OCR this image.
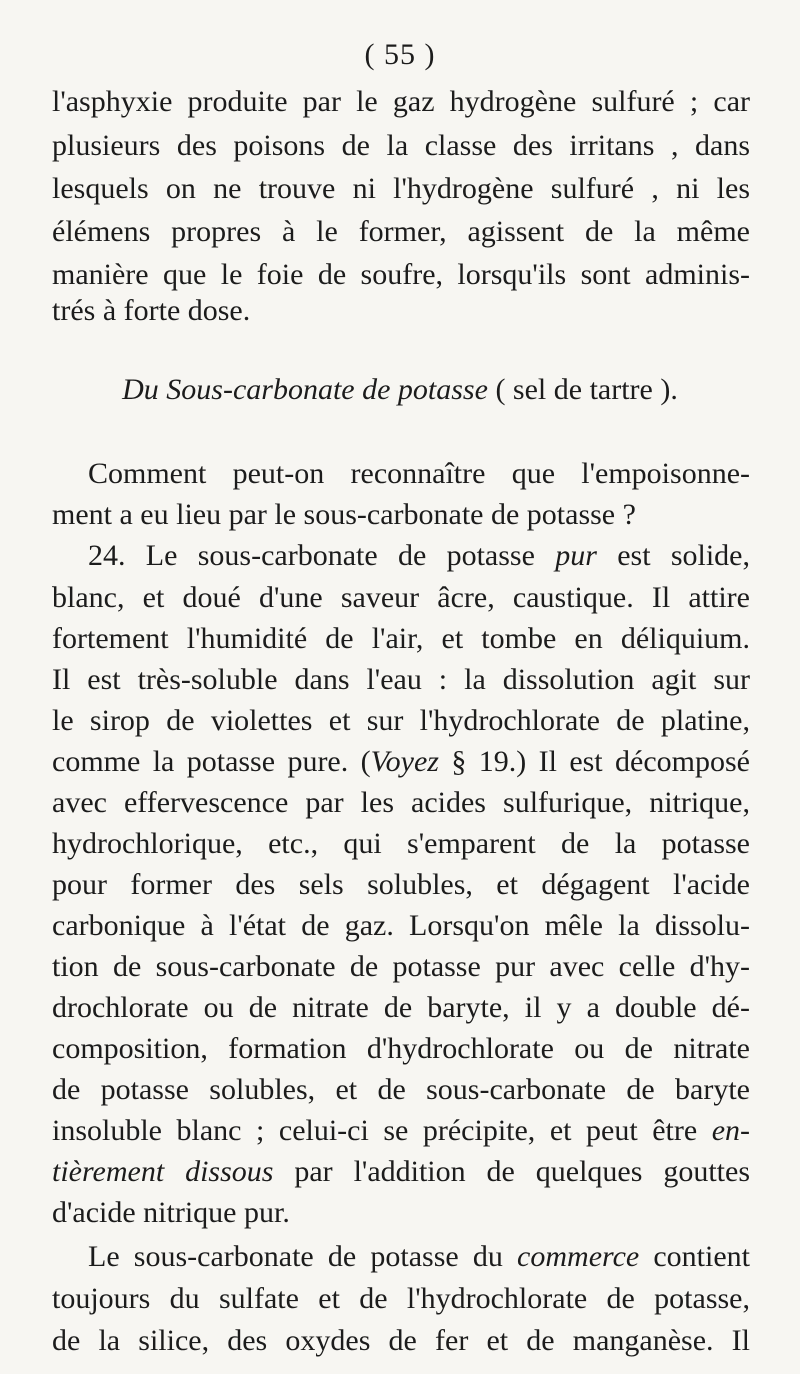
( 55 )
l'asphyxie produite par le gaz hydrogène sulfuré ; car
plusieurs des poisons de la classe des irritans , dans
lesquels on ne trouve ni l'hydrogène sulfuré , ni les
élémens propres à le former, agissent de la même
manière que le foie de soufre, lorsqu'ils sont adminis-
trés à forte dose.
Du Sous-carbonate de potasse ( sel de tartre ).
Comment peut-on reconnaître que l'empoisonne-
ment a eu lieu par le sous-carbonate de potasse ?
24. Le sous-carbonate de potasse pur est solide,
blanc, et doué d'une saveur âcre, caustique. Il attire
fortement l'humidité de l'air, et tombe en déliquium.
Il est très-soluble dans l'eau : la dissolution agit sur
le sirop de violettes et sur l'hydrochlorate de platine,
comme la potasse pure. (Voyez § 19.) Il est décomposé
avec effervescence par les acides sulfurique, nitrique,
hydrochlorique, etc., qui s'emparent de la potasse
pour former des sels solubles, et dégagent l'acide
carbonique à l'état de gaz. Lorsqu'on mêle la dissolu-
tion de sous-carbonate de potasse pur avec celle d'hy-
drochlorate ou de nitrate de baryte, il y a double dé-
composition, formation d'hydrochlorate ou de nitrate
de potasse solubles, et de sous-carbonate de baryte
insoluble blanc ; celui-ci se précipite, et peut être en-
tièrement dissous par l'addition de quelques gouttes
d'acide nitrique pur.
Le sous-carbonate de potasse du commerce contient
toujours du sulfate et de l'hydrochlorate de potasse,
de la silice, des oxydes de fer et de manganèse. Il
